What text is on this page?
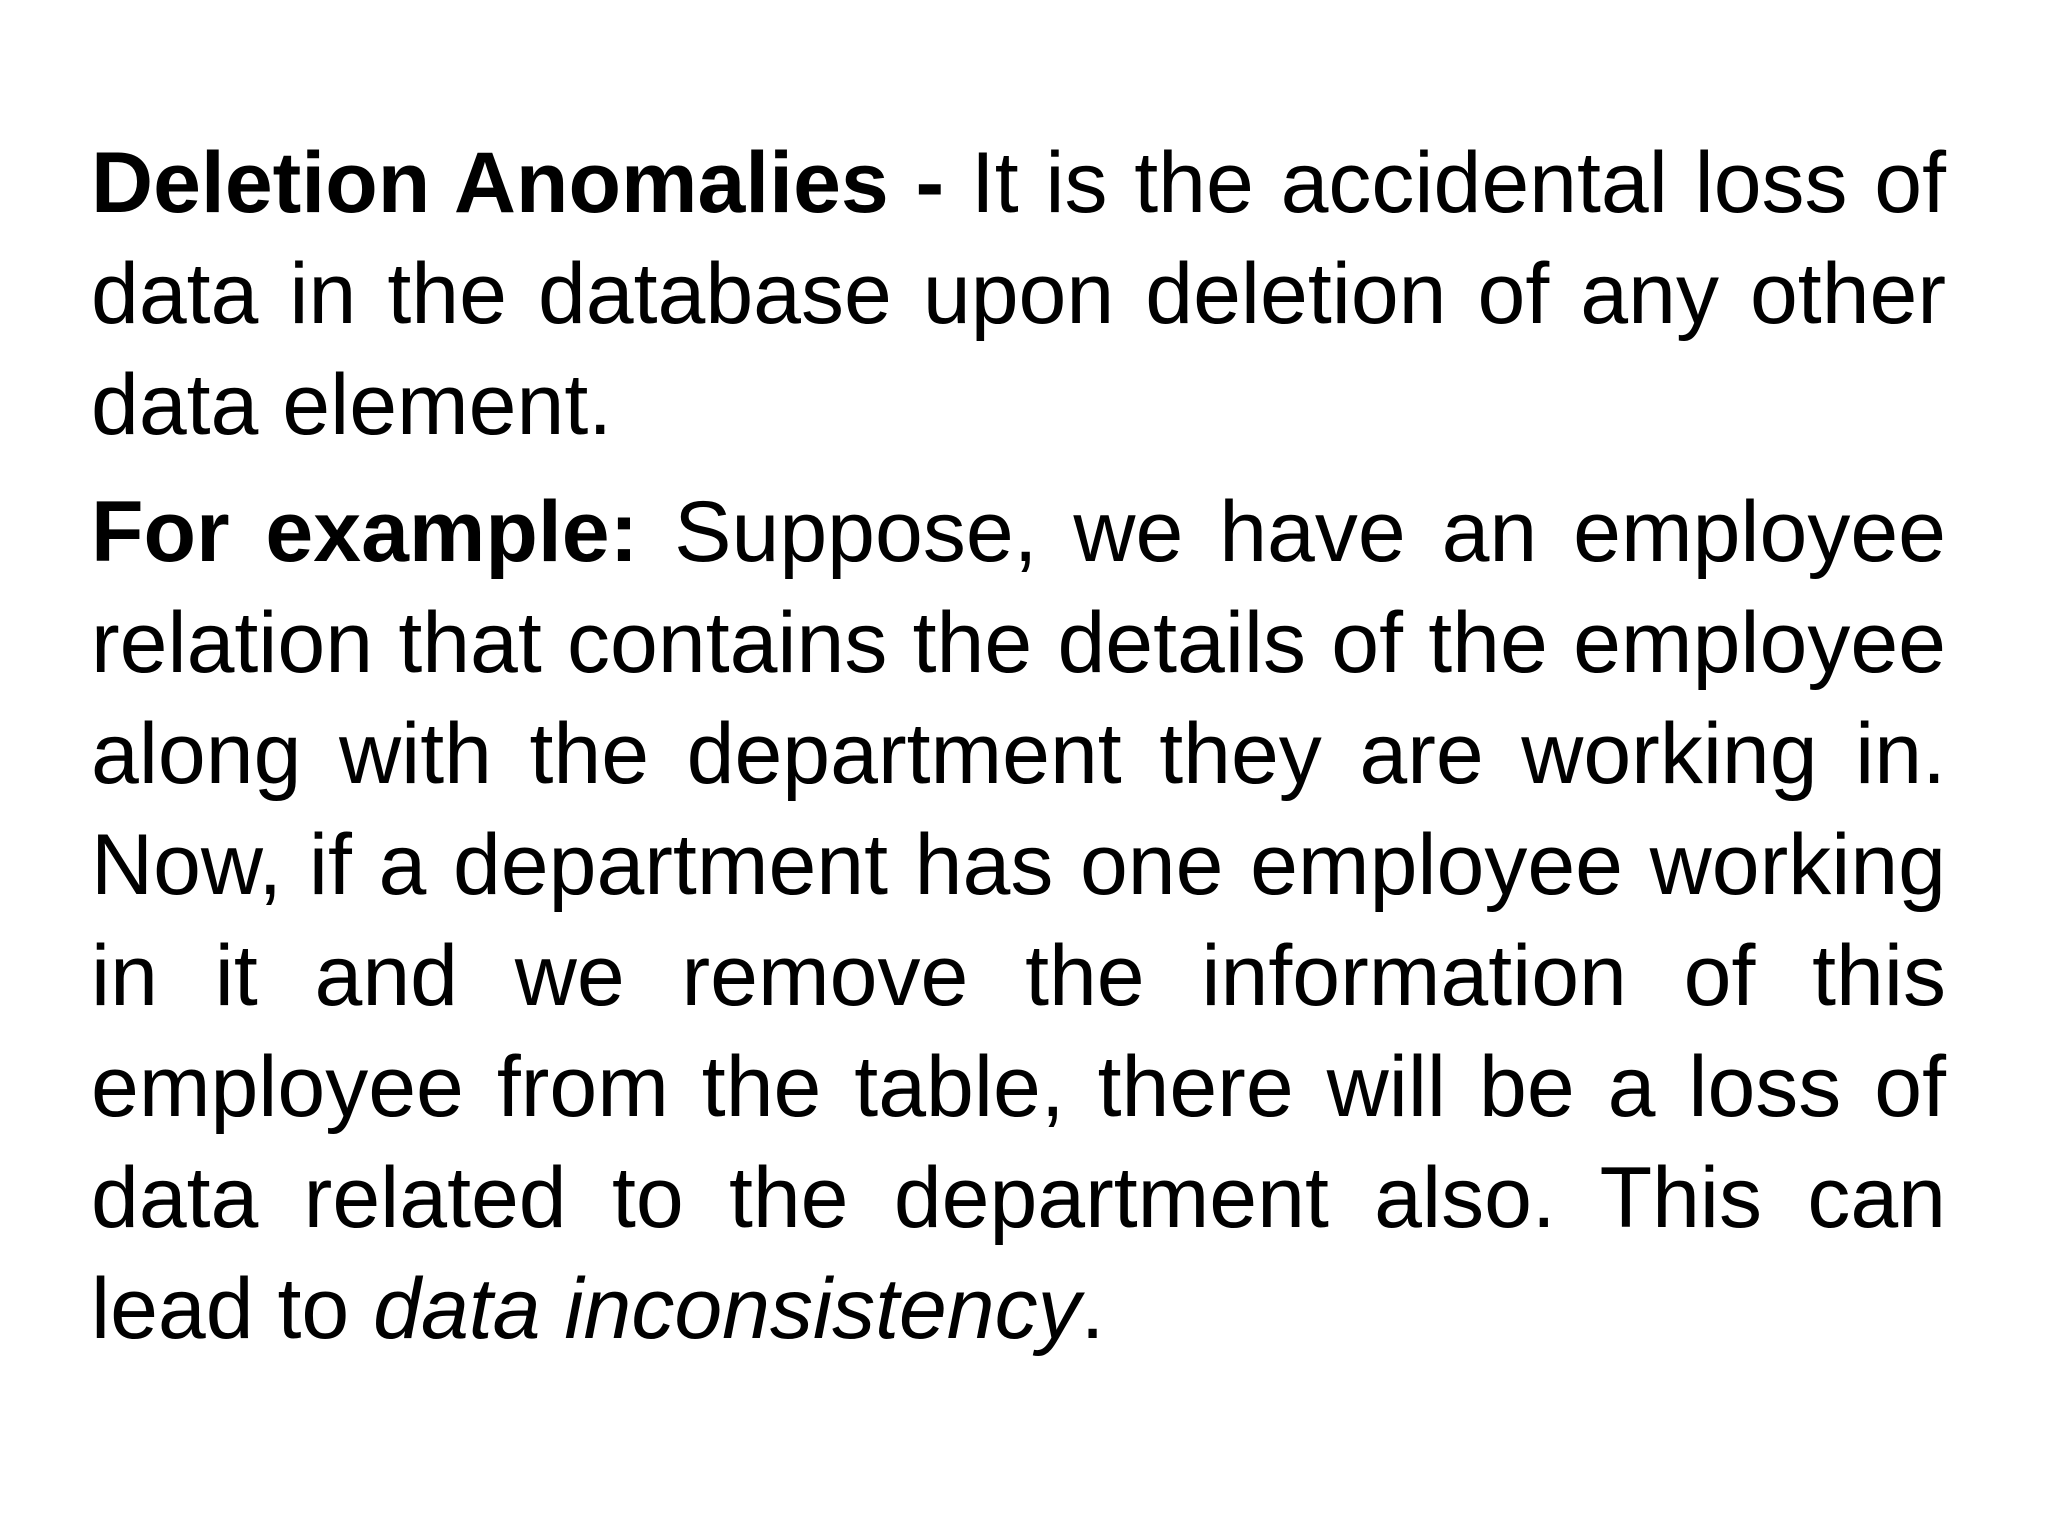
Deletion Anomalies - It is the accidental loss of data in the database upon deletion of any other data element.

For example: Suppose, we have an employee relation that contains the details of the employee along with the department they are working in. Now, if a department has one employee working in it and we remove the information of this employee from the table, there will be a loss of data related to the department also. This can lead to data inconsistency.
